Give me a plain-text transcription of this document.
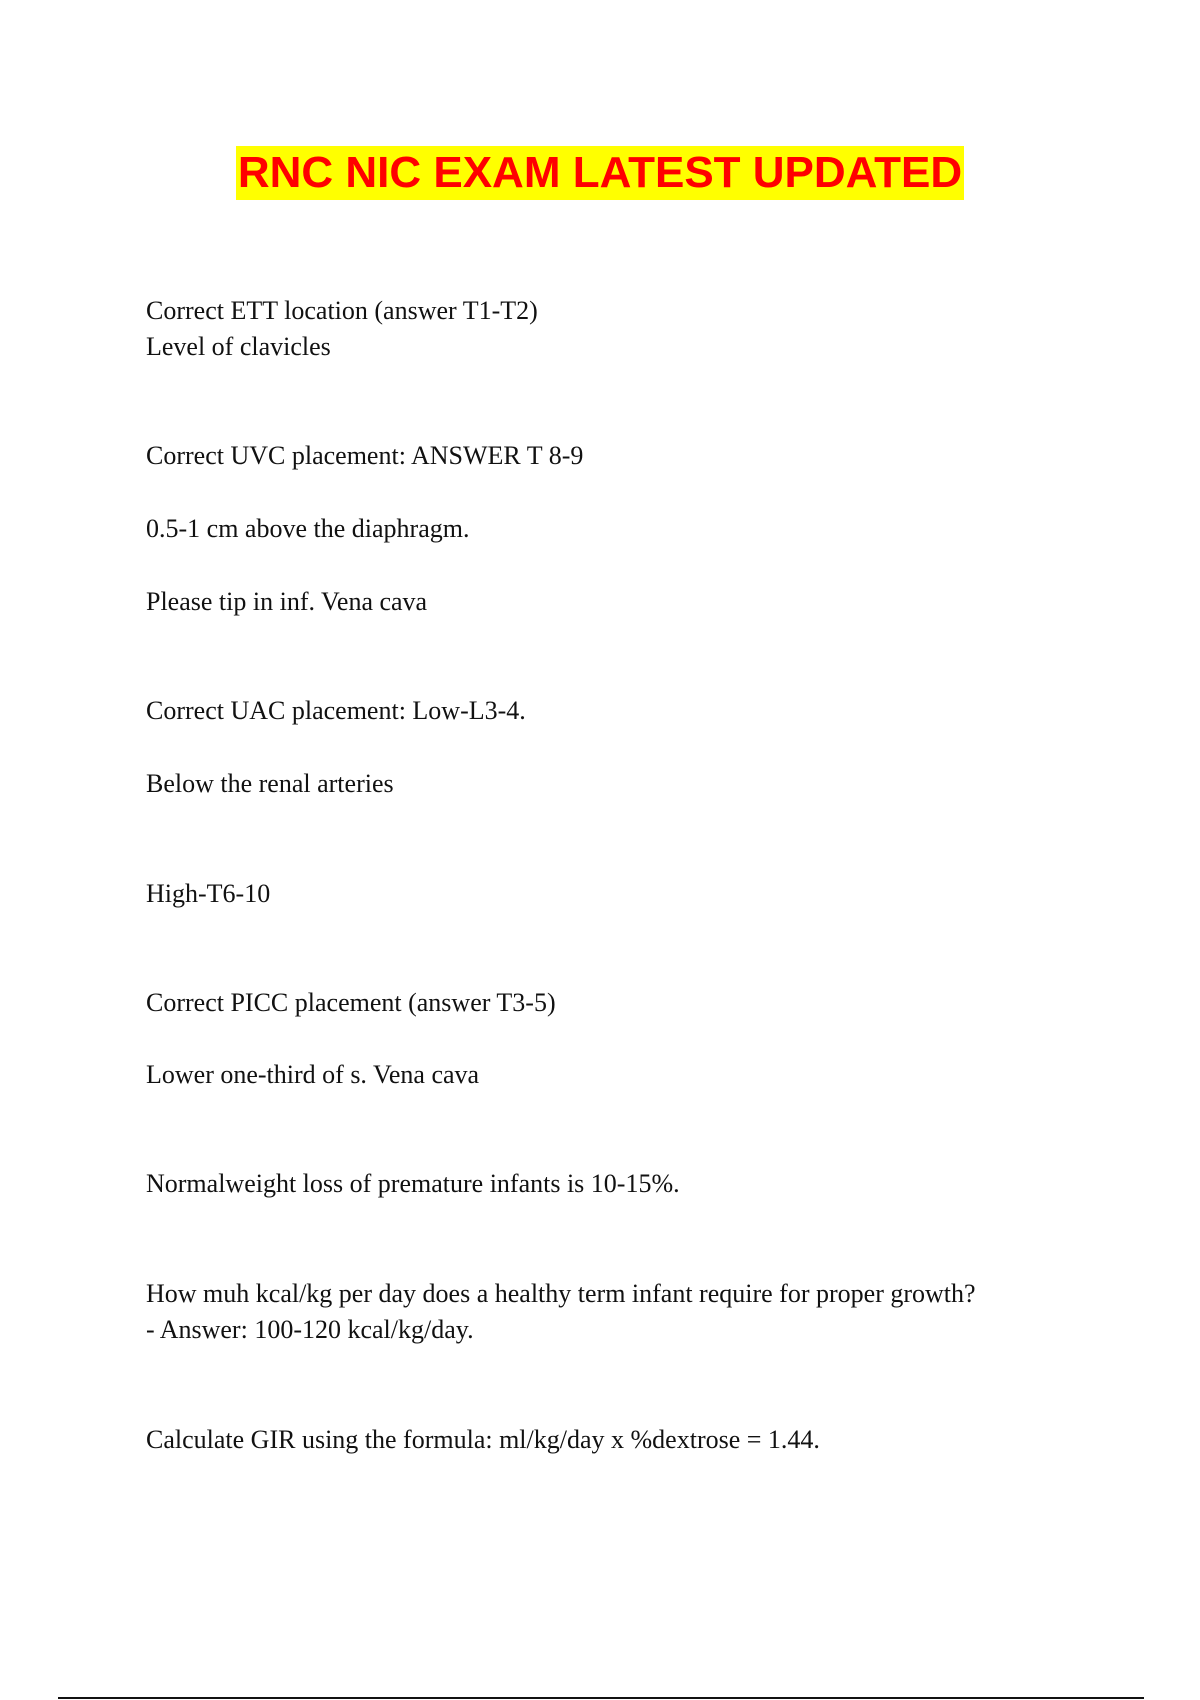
RNC NIC EXAM LATEST UPDATED
Correct ETT location (answer T1-T2)
Level of clavicles
Correct UVC placement: ANSWER T 8-9
0.5-1 cm above the diaphragm.
Please tip in inf. Vena cava
Correct UAC placement: Low-L3-4.
Below the renal arteries
High-T6-10
Correct PICC placement (answer T3-5)
Lower one-third of s. Vena cava
Normalweight loss of premature infants is 10-15%.
How muh kcal/kg per day does a healthy term infant require for proper growth?
- Answer: 100-120 kcal/kg/day.
Calculate GIR using the formula: ml/kg/day x %dextrose = 1.44.
